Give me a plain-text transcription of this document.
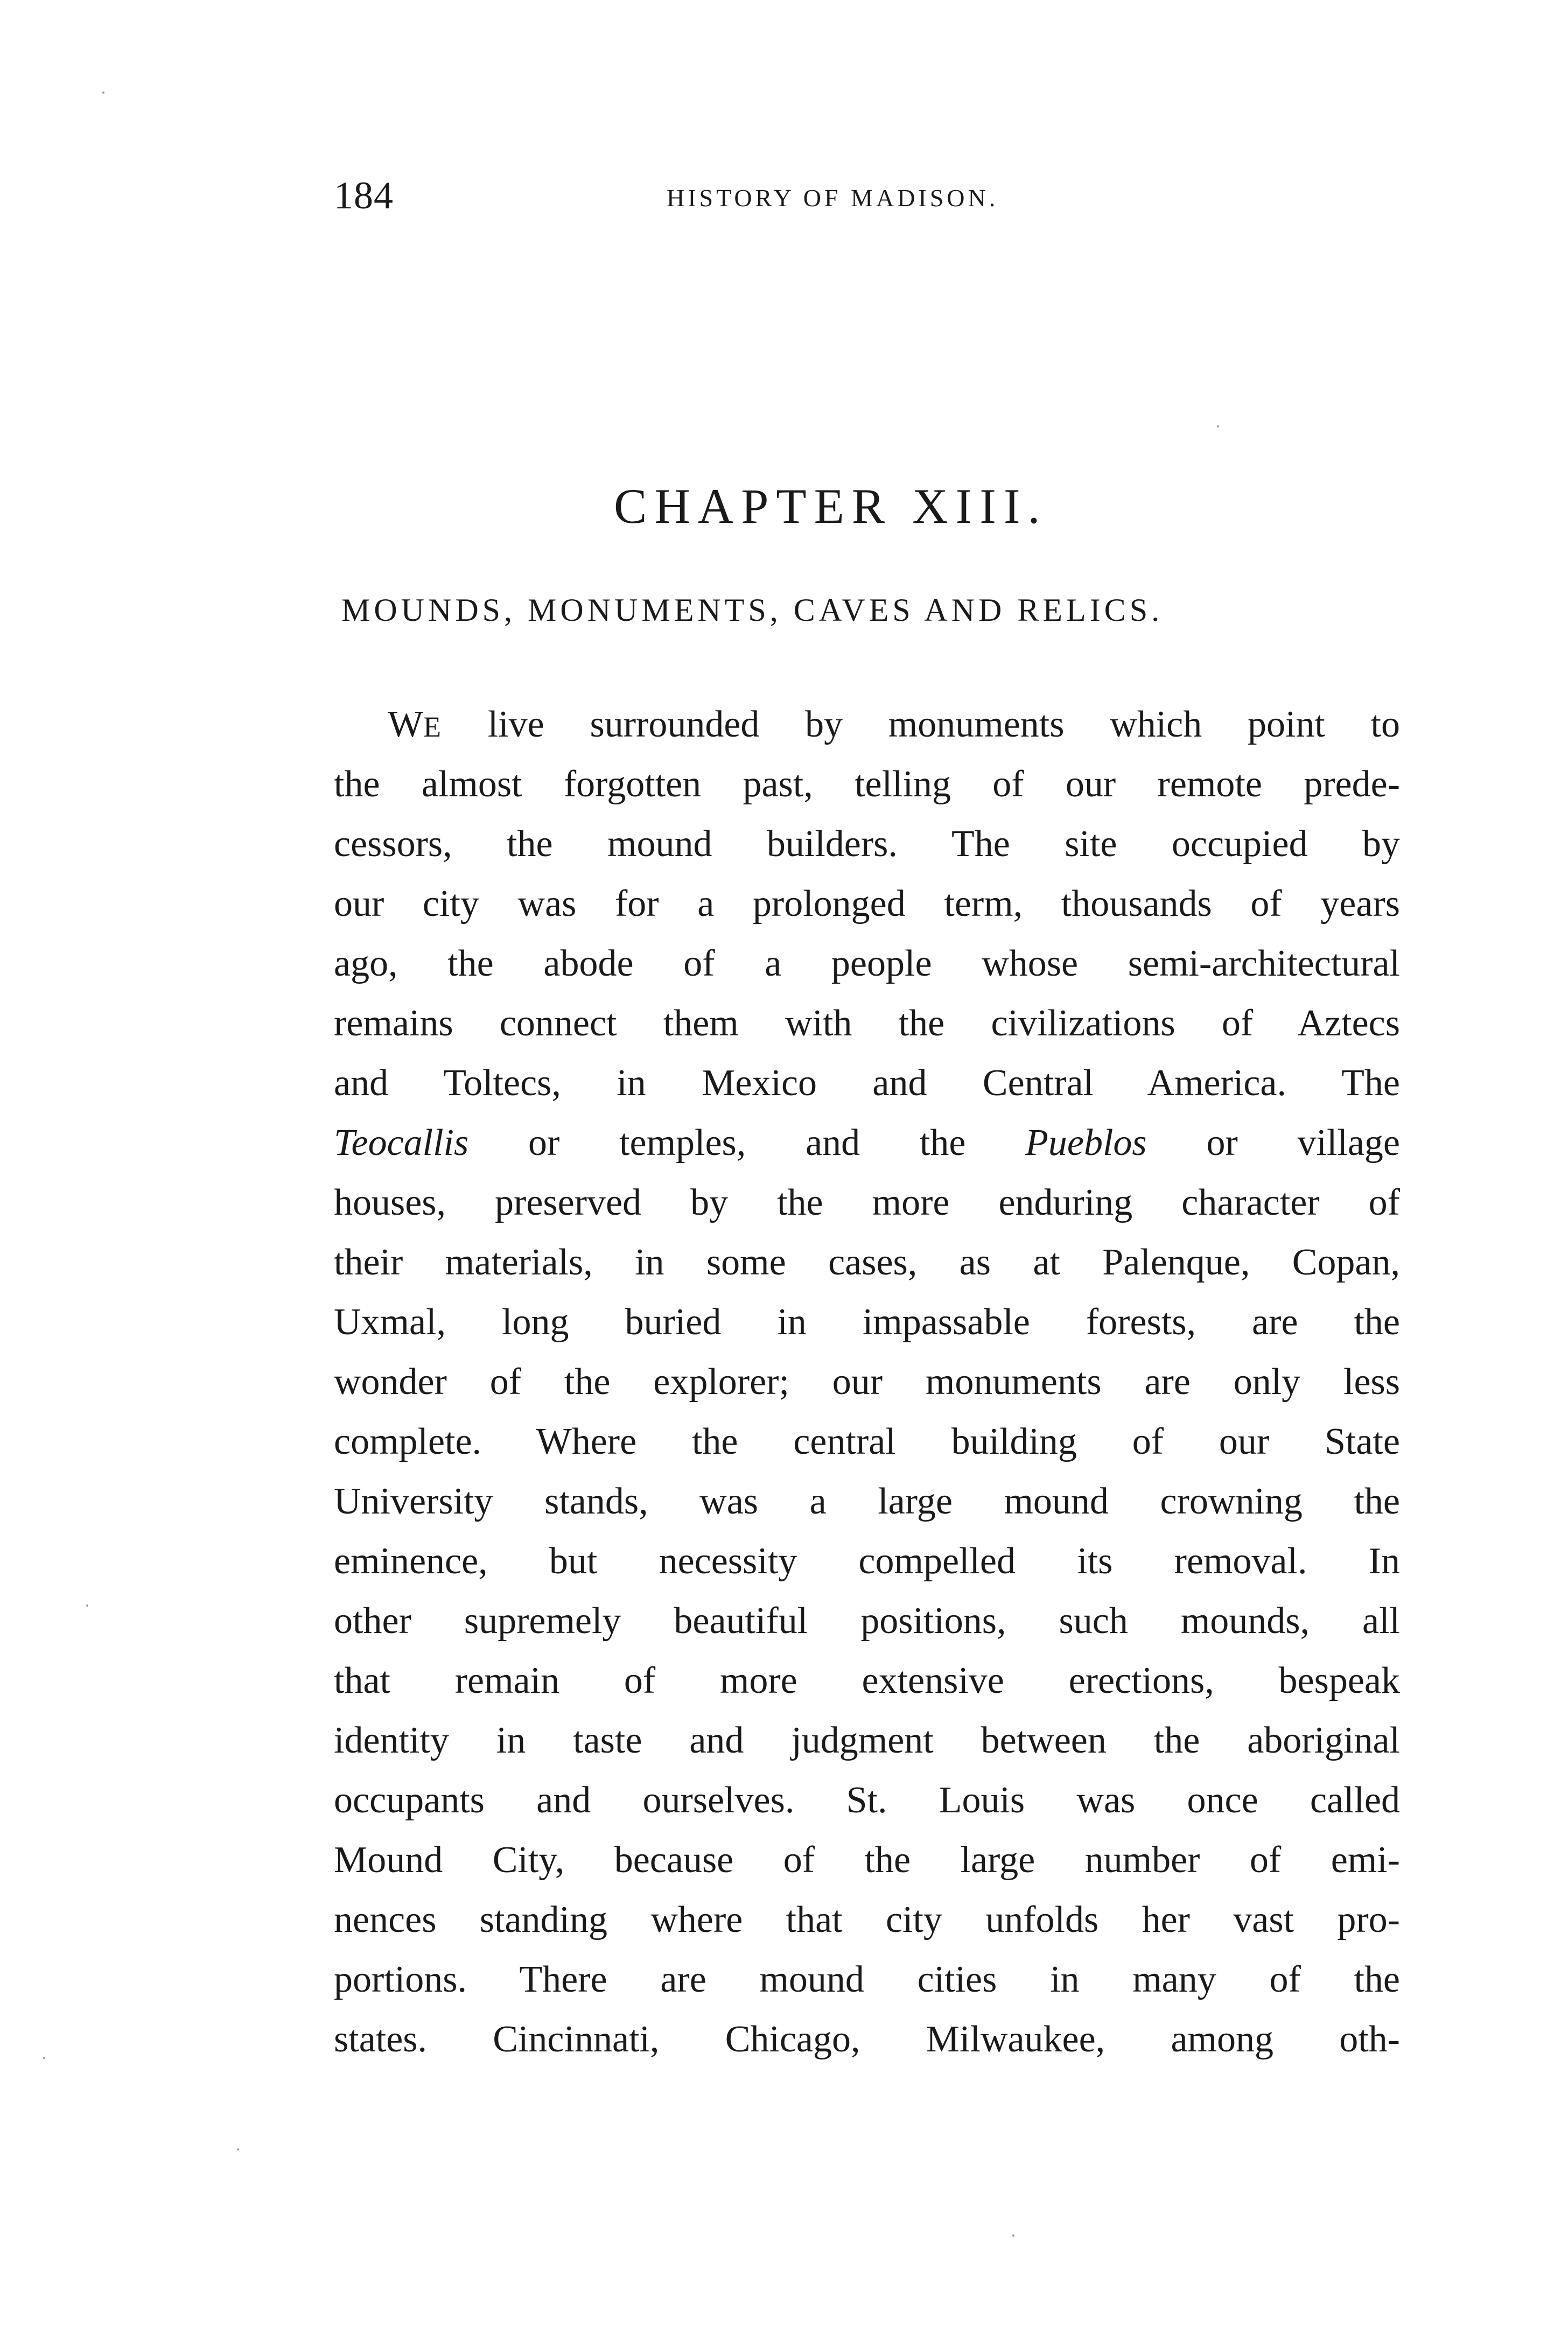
184	HISTORY OF MADISON.
CHAPTER XIII.
MOUNDS, MONUMENTS, CAVES AND RELICS.
WE live surrounded by monuments which point to
the almost forgotten past, telling of our remote prede-
cessors, the mound builders. The site occupied by
our city was for a prolonged term, thousands of years
ago, the abode of a people whose semi-architectural
remains connect them with the civilizations of Aztecs
and Toltecs, in Mexico and Central America. The
Teocallis or temples, and the Pueblos or village
houses, preserved by the more enduring character of
their materials, in some cases, as at Palenque, Copan,
Uxmal, long buried in impassable forests, are the
wonder of the explorer; our monuments are only less
complete. Where the central building of our State
University stands, was a large mound crowning the
eminence, but necessity compelled its removal. In
other supremely beautiful positions, such mounds, all
that remain of more extensive erections, bespeak
identity in taste and judgment between the aboriginal
occupants and ourselves. St. Louis was once called
Mound City, because of the large number of emi-
nences standing where that city unfolds her vast pro-
portions. There are mound cities in many of the
states. Cincinnati, Chicago, Milwaukee, among oth-
